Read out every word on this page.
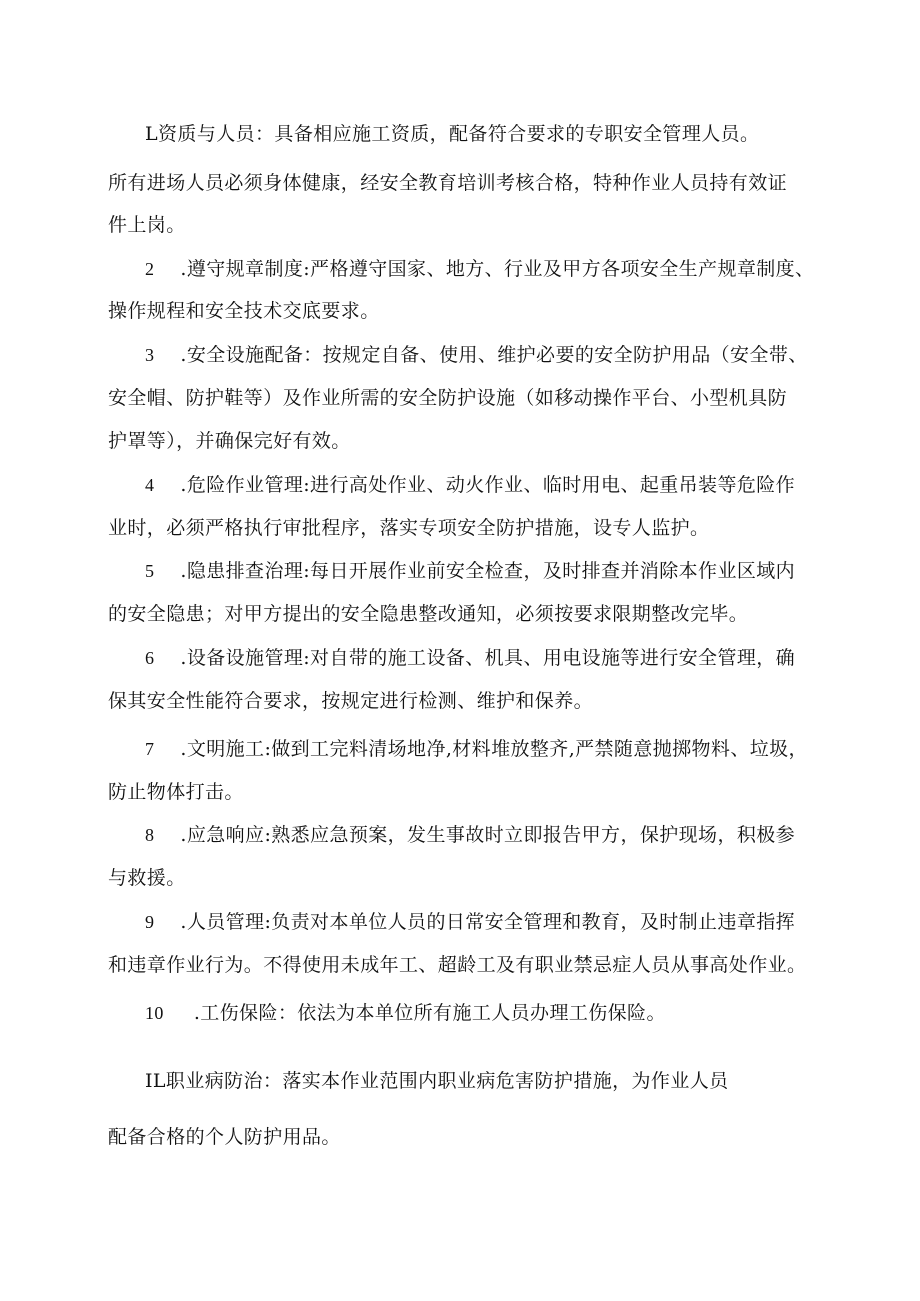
L资质与人员：具备相应施工资质，配备符合要求的专职安全管理人员。
所有进场人员必须身体健康，经安全教育培训考核合格，特种作业人员持有效证
件上岗。
2 .遵守规章制度:严格遵守国家、地方、行业及甲方各项安全生产规章制度、
操作规程和安全技术交底要求。
3 .安全设施配备：按规定自备、使用、维护必要的安全防护用品（安全带、
安全帽、防护鞋等）及作业所需的安全防护设施（如移动操作平台、小型机具防
护罩等），并确保完好有效。
4 .危险作业管理:进行高处作业、动火作业、临时用电、起重吊装等危险作
业时，必须严格执行审批程序，落实专项安全防护措施，设专人监护。
5 .隐患排查治理:每日开展作业前安全检查，及时排查并消除本作业区域内
的安全隐患；对甲方提出的安全隐患整改通知，必须按要求限期整改完毕。
6 .设备设施管理:对自带的施工设备、机具、用电设施等进行安全管理，确
保其安全性能符合要求，按规定进行检测、维护和保养。
7 .文明施工:做到工完料清场地净,材料堆放整齐,严禁随意抛掷物料、垃圾，
防止物体打击。
8 .应急响应:熟悉应急预案，发生事故时立即报告甲方，保护现场，积极参
与救援。
9 .人员管理:负责对本单位人员的日常安全管理和教育，及时制止违章指挥
和违章作业行为。不得使用未成年工、超龄工及有职业禁忌症人员从事高处作业。
10 .工伤保险：依法为本单位所有施工人员办理工伤保险。
IL职业病防治：落实本作业范围内职业病危害防护措施，为作业人员
配备合格的个人防护用品。
